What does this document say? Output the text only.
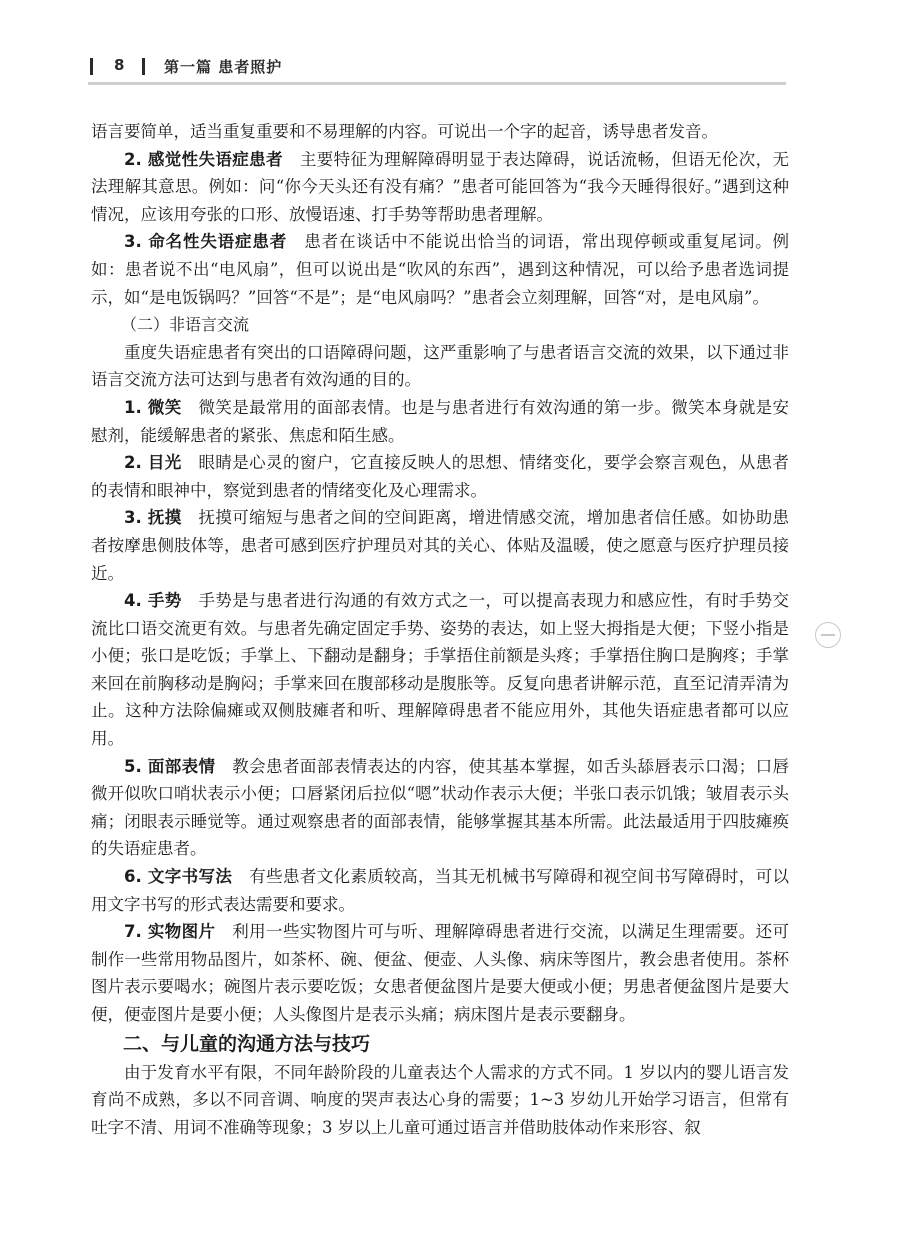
8	第一篇 患者照护

语言要简单，适当重复重要和不易理解的内容。可说出一个字的起音，诱导患者发音。

2. 感觉性失语症患者　 主要特征为理解障碍明显于表达障碍，说话流畅，但语无伦次，无法理解其意思。例如：问“你今天头还有没有痛？”患者可能回答为“我今天睡得很好。”遇到这种情况，应该用夸张的口形、放慢语速、打手势等帮助患者理解。

3. 命名性失语症患者　 患者在谈话中不能说出恰当的词语，常出现停顿或重复尾词。例如：患者说不出“电风扇”，但可以说出是“吹风的东西”，遇到这种情况，可以给予患者选词提示，如“是电饭锅吗？”回答“不是”；是“电风扇吗？”患者会立刻理解，回答“对，是电风扇”。

（二）非语言交流

重度失语症患者有突出的口语障碍问题，这严重影响了与患者语言交流的效果，以下通过非语言交流方法可达到与患者有效沟通的目的。

1. 微笑　 微笑是最常用的面部表情。也是与患者进行有效沟通的第一步。微笑本身就是安慰剂，能缓解患者的紧张、焦虑和陌生感。

2. 目光　 眼睛是心灵的窗户，它直接反映人的思想、情绪变化，要学会察言观色，从患者的表情和眼神中，察觉到患者的情绪变化及心理需求。

3. 抚摸　 抚摸可缩短与患者之间的空间距离，增进情感交流，增加患者信任感。如协助患者按摩患侧肢体等，患者可感到医疗护理员对其的关心、体贴及温暖，使之愿意与医疗护理员接近。

4. 手势　 手势是与患者进行沟通的有效方式之一，可以提高表现力和感应性，有时手势交流比口语交流更有效。与患者先确定固定手势、姿势的表达，如上竖大拇指是大便；下竖小指是小便；张口是吃饭；手掌上、下翻动是翻身；手掌捂住前额是头疼；手掌捂住胸口是胸疼；手掌来回在前胸移动是胸闷；手掌来回在腹部移动是腹胀等。反复向患者讲解示范，直至记清弄清为止。这种方法除偏瘫或双侧肢瘫者和听、理解障碍患者不能应用外，其他失语症患者都可以应用。

5. 面部表情　 教会患者面部表情表达的内容，使其基本掌握，如舌头舔唇表示口渴；口唇微开似吹口哨状表示小便；口唇紧闭后拉似“嗯”状动作表示大便；半张口表示饥饿；皱眉表示头痛；闭眼表示睡觉等。通过观察患者的面部表情，能够掌握其基本所需。此法最适用于四肢瘫痪的失语症患者。

6. 文字书写法　 有些患者文化素质较高，当其无机械书写障碍和视空间书写障碍时，可以用文字书写的形式表达需要和要求。

7. 实物图片　 利用一些实物图片可与听、理解障碍患者进行交流，以满足生理需要。还可制作一些常用物品图片，如茶杯、碗、便盆、便壶、人头像、病床等图片，教会患者使用。茶杯图片表示要喝水；碗图片表示要吃饭；女患者便盆图片是要大便或小便；男患者便盆图片是要大便，便壶图片是要小便；人头像图片是表示头痛；病床图片是表示要翻身。

二、与儿童的沟通方法与技巧

由于发育水平有限，不同年龄阶段的儿童表达个人需求的方式不同。1 岁以内的婴儿语言发育尚不成熟，多以不同音调、响度的哭声表达心身的需要；1~3 岁幼儿开始学习语言，但常有吐字不清、用词不准确等现象；3 岁以上儿童可通过语言并借助肢体动作来形容、叙
